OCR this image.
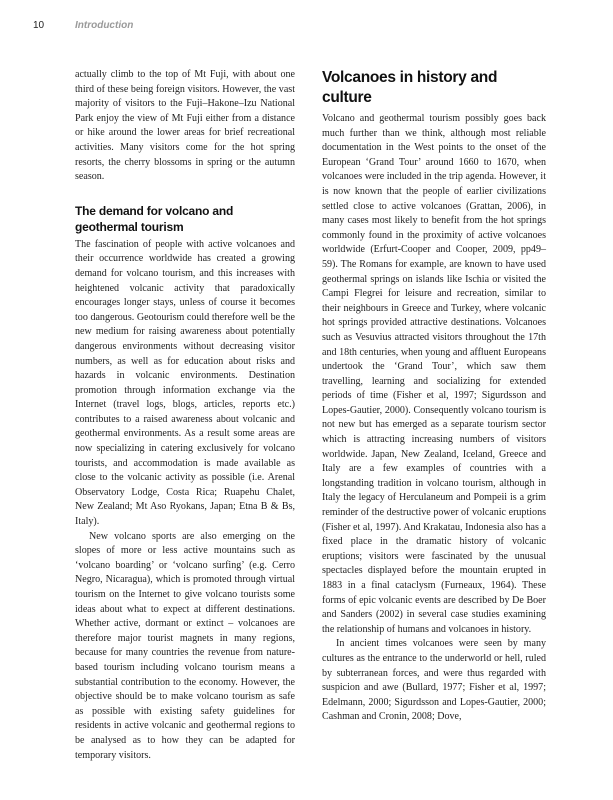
10	Introduction

actually climb to the top of Mt Fuji, with about one third of these being foreign visitors. However, the vast majority of visitors to the Fuji–Hakone–Izu National Park enjoy the view of Mt Fuji either from a distance or hike around the lower areas for brief recreational activities. Many visitors come for the hot spring resorts, the cherry blossoms in spring or the autumn season.

The demand for volcano and geothermal tourism

The fascination of people with active volcanoes and their occurrence worldwide has created a growing demand for volcano tourism, and this increases with heightened volcanic activity that paradoxically encourages longer stays, unless of course it becomes too dangerous. Geotourism could therefore well be the new medium for raising awareness about potentially dangerous environments without decreasing visitor numbers, as well as for education about risks and hazards in volcanic environments. Destination promotion through information exchange via the Internet (travel logs, blogs, articles, reports etc.) contributes to a raised awareness about volcanic and geothermal environments. As a result some areas are now specializing in catering exclusively for volcano tourists, and accommodation is made available as close to the volcanic activity as possible (i.e. Arenal Observatory Lodge, Costa Rica; Ruapehu Chalet, New Zealand; Mt Aso Ryokans, Japan; Etna B & Bs, Italy).

New volcano sports are also emerging on the slopes of more or less active mountains such as ‘volcano boarding’ or ‘volcano surfing’ (e.g. Cerro Negro, Nicaragua), which is promoted through virtual tourism on the Internet to give volcano tourists some ideas about what to expect at different destinations. Whether active, dormant or extinct – volcanoes are therefore major tourist magnets in many regions, because for many countries the revenue from nature-based tourism including volcano tourism means a substantial contribution to the economy. However, the objective should be to make volcano tourism as safe as possible with existing safety guidelines for residents in active volcanic and geothermal regions to be analysed as to how they can be adapted for temporary visitors.

Volcanoes in history and culture

Volcano and geothermal tourism possibly goes back much further than we think, although most reliable documentation in the West points to the onset of the European ‘Grand Tour’ around 1660 to 1670, when volcanoes were included in the trip agenda. However, it is now known that the people of earlier civilizations settled close to active volcanoes (Grattan, 2006), in many cases most likely to benefit from the hot springs commonly found in the proximity of active volcanoes worldwide (Erfurt-Cooper and Cooper, 2009, pp49–59). The Romans for example, are known to have used geothermal springs on islands like Ischia or visited the Campi Flegrei for leisure and recreation, similar to their neighbours in Greece and Turkey, where volcanic hot springs provided attractive destinations. Volcanoes such as Vesuvius attracted visitors throughout the 17th and 18th centuries, when young and affluent Europeans undertook the ‘Grand Tour’, which saw them travelling, learning and socializing for extended periods of time (Fisher et al, 1997; Sigurdsson and Lopes-Gautier, 2000). Consequently volcano tourism is not new but has emerged as a separate tourism sector which is attracting increasing numbers of visitors worldwide. Japan, New Zealand, Iceland, Greece and Italy are a few examples of countries with a longstanding tradition in volcano tourism, although in Italy the legacy of Herculaneum and Pompeii is a grim reminder of the destructive power of volcanic eruptions (Fisher et al, 1997). And Krakatau, Indonesia also has a fixed place in the dramatic history of volcanic eruptions; visitors were fascinated by the unusual spectacles displayed before the mountain erupted in 1883 in a final cataclysm (Furneaux, 1964). These forms of epic volcanic events are described by De Boer and Sanders (2002) in several case studies examining the relationship of humans and volcanoes in history.

In ancient times volcanoes were seen by many cultures as the entrance to the underworld or hell, ruled by subterranean forces, and were thus regarded with suspicion and awe (Bullard, 1977; Fisher et al, 1997; Edelmann, 2000; Sigurdsson and Lopes-Gautier, 2000; Cashman and Cronin, 2008; Dove,
